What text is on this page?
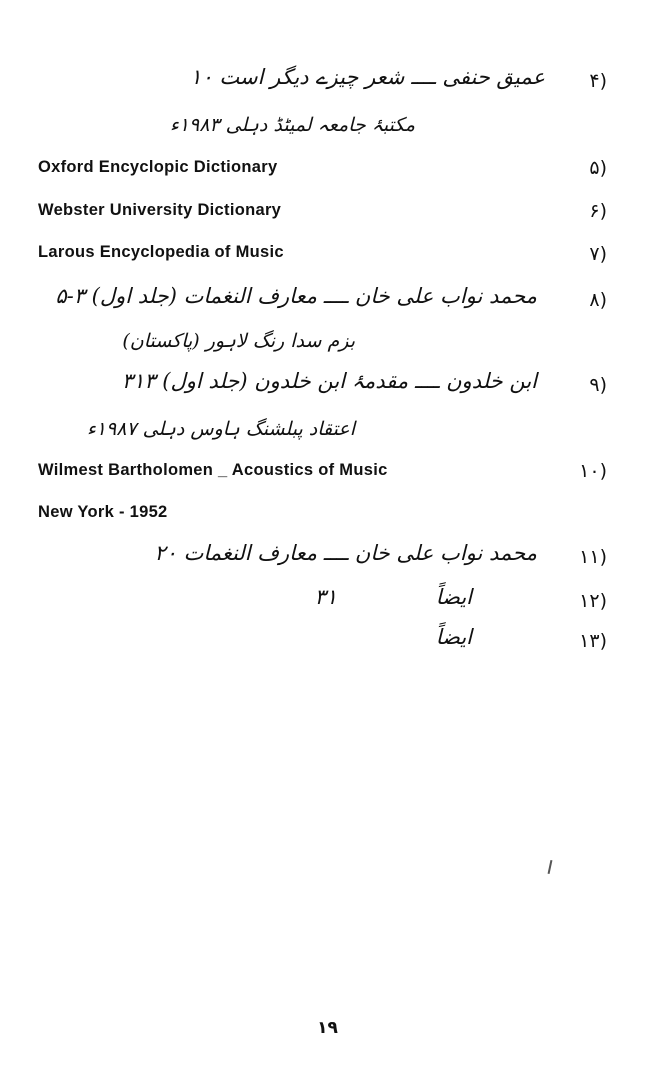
(۴
عمیق حنفی ــــ شعر چیزے دیگر است ۱۰
مکتبۂ جامعہ لمیٹڈ دہلی ۱۹۸۳ء
(۵
Oxford Encyclopic Dictionary
(۶
Webster University Dictionary
(۷
Larous Encyclopedia of Music
(۸
محمد نواب علی خان ــــ معارف النغمات (جلد اول) ۳-۵
بزم سدا رنگ لاہور (پاکستان)
(۹
ابن خلدون ــــ مقدمۂ ابن خلدون (جلد اول) ۳۱۳
اعتقاد پبلشنگ ہاوس دہلی ۱۹۸۷ء
(۱۰
Wilmest Bartholomen _ Acoustics of Music
New York - 1952
(۱۱
محمد نواب علی خان ــــ معارف النغمات ۲۰
(۱۲
ایضاً
۳۱
(۱۳
ایضاً
۱۹
